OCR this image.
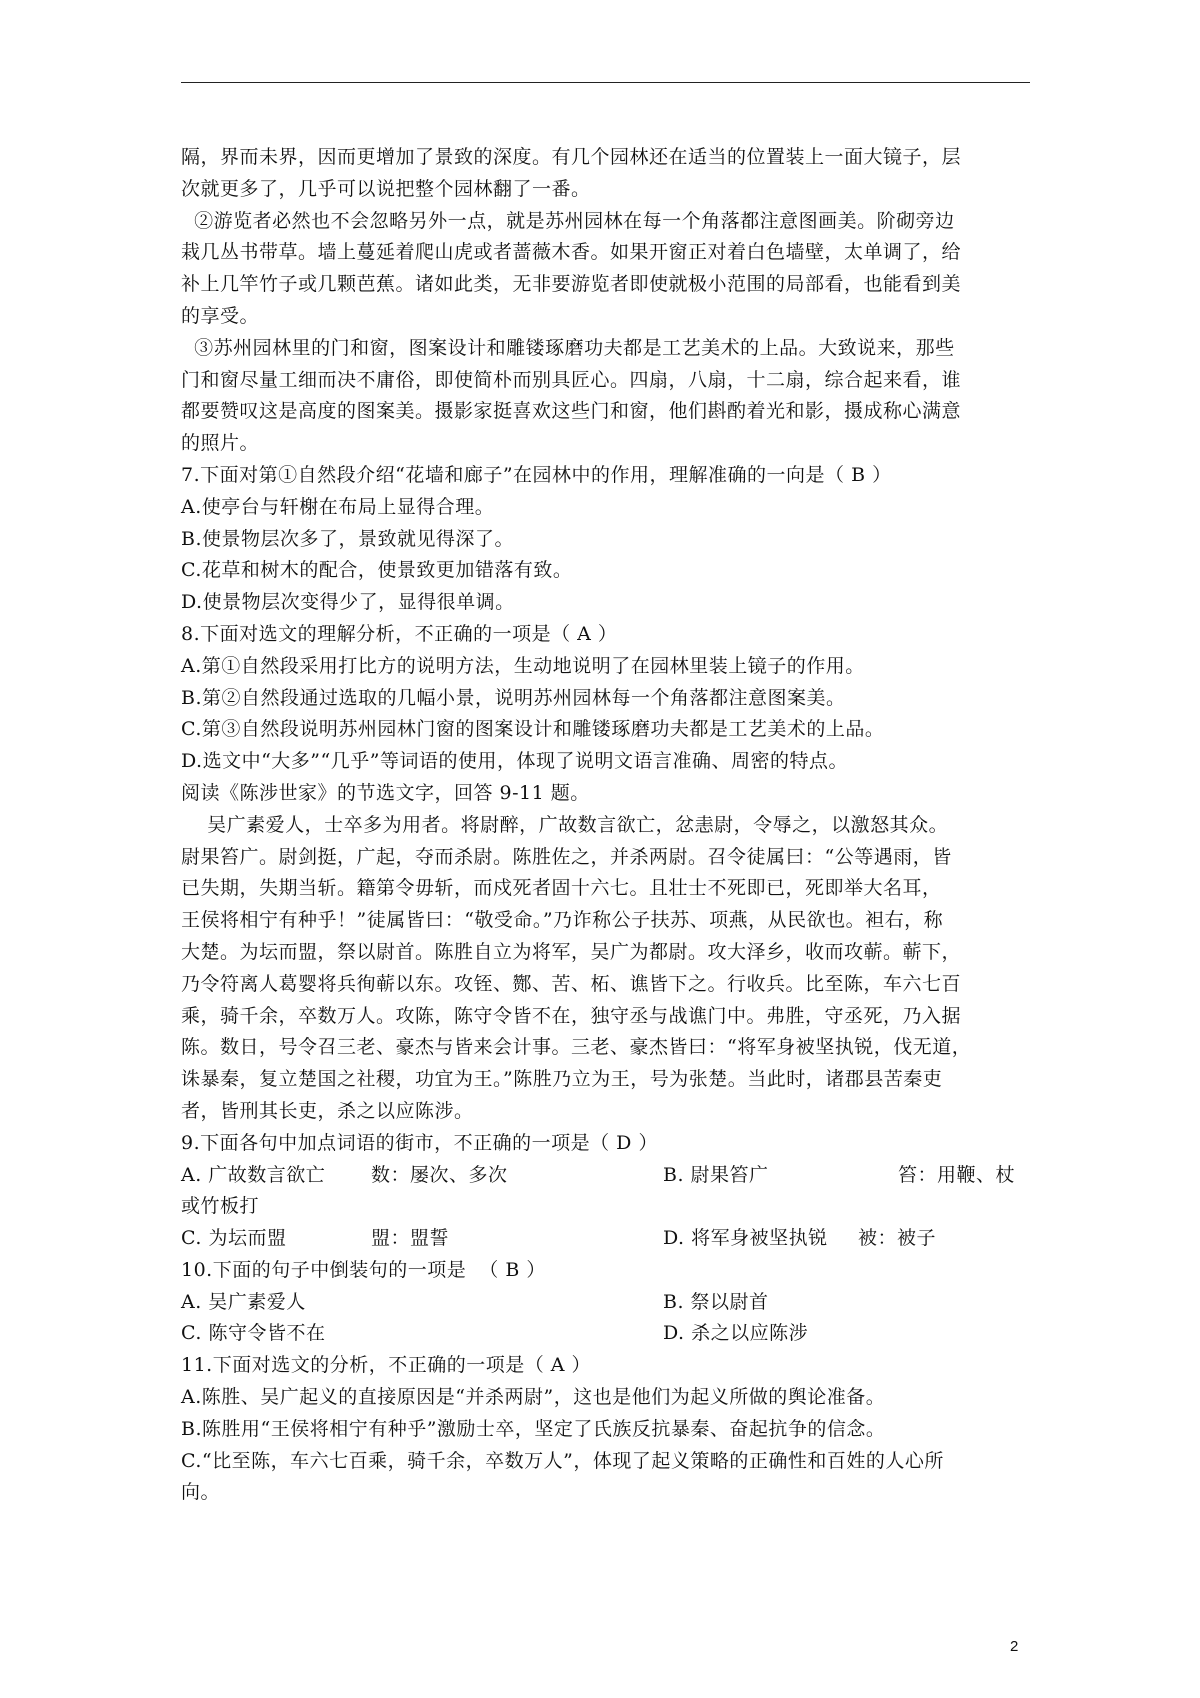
隔，界而未界，因而更增加了景致的深度。有几个园林还在适当的位置装上一面大镜子，层
次就更多了，几乎可以说把整个园林翻了一番。
②游览者必然也不会忽略另外一点，就是苏州园林在每一个角落都注意图画美。阶砌旁边
栽几丛书带草。墙上蔓延着爬山虎或者蔷薇木香。如果开窗正对着白色墙壁，太单调了，给
补上几竿竹子或几颗芭蕉。诸如此类，无非要游览者即使就极小范围的局部看，也能看到美
的享受。
③苏州园林里的门和窗，图案设计和雕镂琢磨功夫都是工艺美术的上品。大致说来，那些
门和窗尽量工细而决不庸俗，即使简朴而别具匠心。四扇，八扇，十二扇，综合起来看，谁
都要赞叹这是高度的图案美。摄影家挺喜欢这些门和窗，他们斟酌着光和影，摄成称心满意
的照片。
7.下面对第①自然段介绍“花墙和廊子”在园林中的作用，理解准确的一向是（ B ）
A.使亭台与轩榭在布局上显得合理。
B.使景物层次多了，景致就见得深了。
C.花草和树木的配合，使景致更加错落有致。
D.使景物层次变得少了，显得很单调。
8.下面对选文的理解分析，不正确的一项是（ A ）
A.第①自然段采用打比方的说明方法，生动地说明了在园林里装上镜子的作用。
B.第②自然段通过选取的几幅小景，说明苏州园林每一个角落都注意图案美。
C.第③自然段说明苏州园林门窗的图案设计和雕镂琢磨功夫都是工艺美术的上品。
D.选文中“大多”“几乎”等词语的使用，体现了说明文语言准确、周密的特点。
阅读《陈涉世家》的节选文字，回答 9-11 题。
吴广素爱人，士卒多为用者。将尉醉，广故数言欲亡，忿恚尉，令辱之，以激怒其众。
尉果笞广。尉剑挺，广起，夺而杀尉。陈胜佐之，并杀两尉。召令徒属曰：“公等遇雨，皆
已失期，失期当斩。籍第令毋斩，而戍死者固十六七。且壮士不死即已，死即举大名耳，
王侯将相宁有种乎！”徒属皆曰：“敬受命。”乃诈称公子扶苏、项燕，从民欲也。袒右，称
大楚。为坛而盟，祭以尉首。陈胜自立为将军，吴广为都尉。攻大泽乡，收而攻蕲。蕲下，
乃令符离人葛婴将兵徇蕲以东。攻铚、酂、苦、柘、谯皆下之。行收兵。比至陈，车六七百
乘，骑千余，卒数万人。攻陈，陈守令皆不在，独守丞与战谯门中。弗胜，守丞死，乃入据
陈。数日，号令召三老、豪杰与皆来会计事。三老、豪杰皆曰：“将军身被坚执锐，伐无道，
诛暴秦，复立楚国之社稷，功宜为王。”陈胜乃立为王，号为张楚。当此时，诸郡县苦秦吏
者，皆刑其长吏，杀之以应陈涉。
9.下面各句中加点词语的街市，不正确的一项是（ D ）
A. 广故数言欲亡	数：屡次、多次	B. 尉果笞广	笞：用鞭、杖
或竹板打
C. 为坛而盟	盟：盟誓	D. 将军身被坚执锐	被：被子
10.下面的句子中倒装句的一项是  （ B ）
A. 吴广素爱人	B. 祭以尉首
C. 陈守令皆不在	D. 杀之以应陈涉
11.下面对选文的分析，不正确的一项是（ A ）
A.陈胜、吴广起义的直接原因是“并杀两尉”，这也是他们为起义所做的舆论准备。
B.陈胜用“王侯将相宁有种乎”激励士卒，坚定了氏族反抗暴秦、奋起抗争的信念。
C.“比至陈，车六七百乘，骑千余，卒数万人”，体现了起义策略的正确性和百姓的人心所
向。
2
